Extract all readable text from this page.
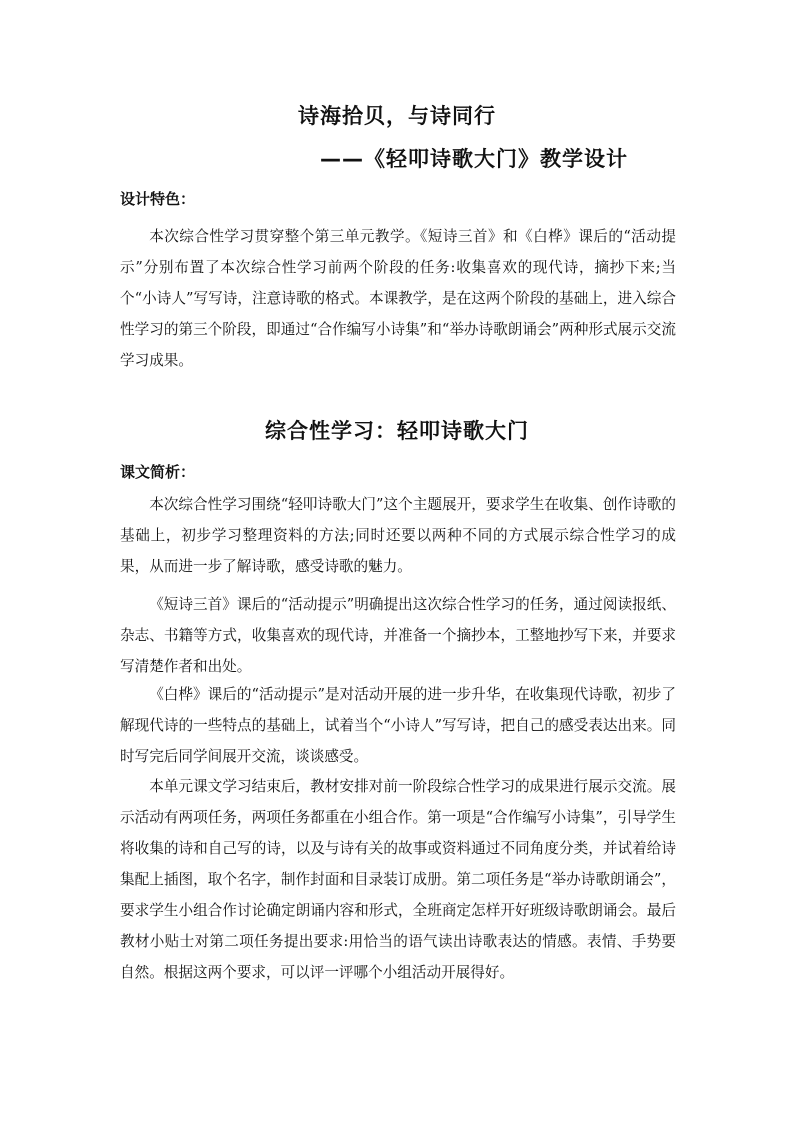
诗海拾贝，与诗同行
——《轻叩诗歌大门》教学设计
设计特色：

本次综合性学习贯穿整个第三单元教学。《短诗三首》和《白桦》课后的“活动提示”分别布置了本次综合性学习前两个阶段的任务:收集喜欢的现代诗，摘抄下来;当个“小诗人”写写诗，注意诗歌的格式。本课教学，是在这两个阶段的基础上，进入综合性学习的第三个阶段，即通过“合作编写小诗集”和“举办诗歌朗诵会”两种形式展示交流学习成果。

综合性学习：轻叩诗歌大门
课文简析：

本次综合性学习围绕“轻叩诗歌大门”这个主题展开，要求学生在收集、创作诗歌的基础上，初步学习整理资料的方法;同时还要以两种不同的方式展示综合性学习的成果，从而进一步了解诗歌，感受诗歌的魅力。

《短诗三首》课后的“活动提示”明确提出这次综合性学习的任务，通过阅读报纸、杂志、书籍等方式，收集喜欢的现代诗，并准备一个摘抄本，工整地抄写下来，并要求写清楚作者和出处。

《白桦》课后的“活动提示”是对活动开展的进一步升华，在收集现代诗歌，初步了解现代诗的一些特点的基础上，试着当个“小诗人”写写诗，把自己的感受表达出来。同时写完后同学间展开交流，谈谈感受。

本单元课文学习结束后，教材安排对前一阶段综合性学习的成果进行展示交流。展示活动有两项任务，两项任务都重在小组合作。第一项是“合作编写小诗集”，引导学生将收集的诗和自己写的诗，以及与诗有关的故事或资料通过不同角度分类，并试着给诗集配上插图，取个名字，制作封面和目录装订成册。第二项任务是“举办诗歌朗诵会”，要求学生小组合作讨论确定朗诵内容和形式，全班商定怎样开好班级诗歌朗诵会。最后教材小贴士对第二项任务提出要求:用恰当的语气读出诗歌表达的情感。表情、手势要自然。根据这两个要求，可以评一评哪个小组活动开展得好。
